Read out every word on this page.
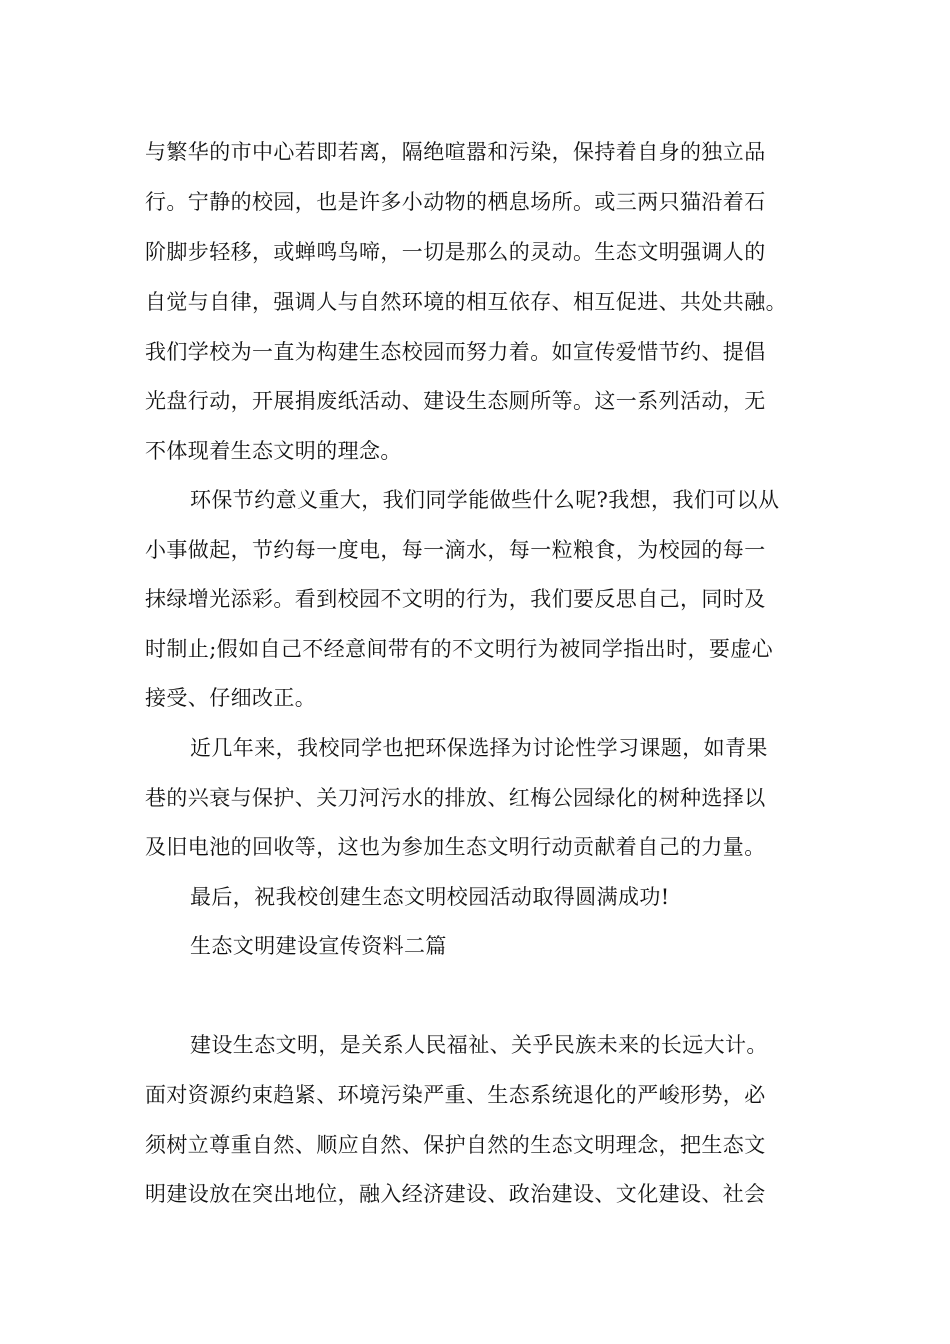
与繁华的市中心若即若离，隔绝喧嚣和污染，保持着自身的独立品
行。宁静的校园，也是许多小动物的栖息场所。或三两只猫沿着石
阶脚步轻移，或蝉鸣鸟啼，一切是那么的灵动。生态文明强调人的
自觉与自律，强调人与自然环境的相互依存、相互促进、共处共融。
我们学校为一直为构建生态校园而努力着。如宣传爱惜节约、提倡
光盘行动，开展捐废纸活动、建设生态厕所等。这一系列活动，无
不体现着生态文明的理念。
环保节约意义重大，我们同学能做些什么呢?我想，我们可以从
小事做起，节约每一度电，每一滴水，每一粒粮食，为校园的每一
抹绿增光添彩。看到校园不文明的行为，我们要反思自己，同时及
时制止;假如自己不经意间带有的不文明行为被同学指出时，要虚心
接受、仔细改正。
近几年来，我校同学也把环保选择为讨论性学习课题，如青果
巷的兴衰与保护、关刀河污水的排放、红梅公园绿化的树种选择以
及旧电池的回收等，这也为参加生态文明行动贡献着自己的力量。
最后，祝我校创建生态文明校园活动取得圆满成功!
生态文明建设宣传资料二篇
建设生态文明，是关系人民福祉、关乎民族未来的长远大计。
面对资源约束趋紧、环境污染严重、生态系统退化的严峻形势，必
须树立尊重自然、顺应自然、保护自然的生态文明理念，把生态文
明建设放在突出地位，融入经济建设、政治建设、文化建设、社会
